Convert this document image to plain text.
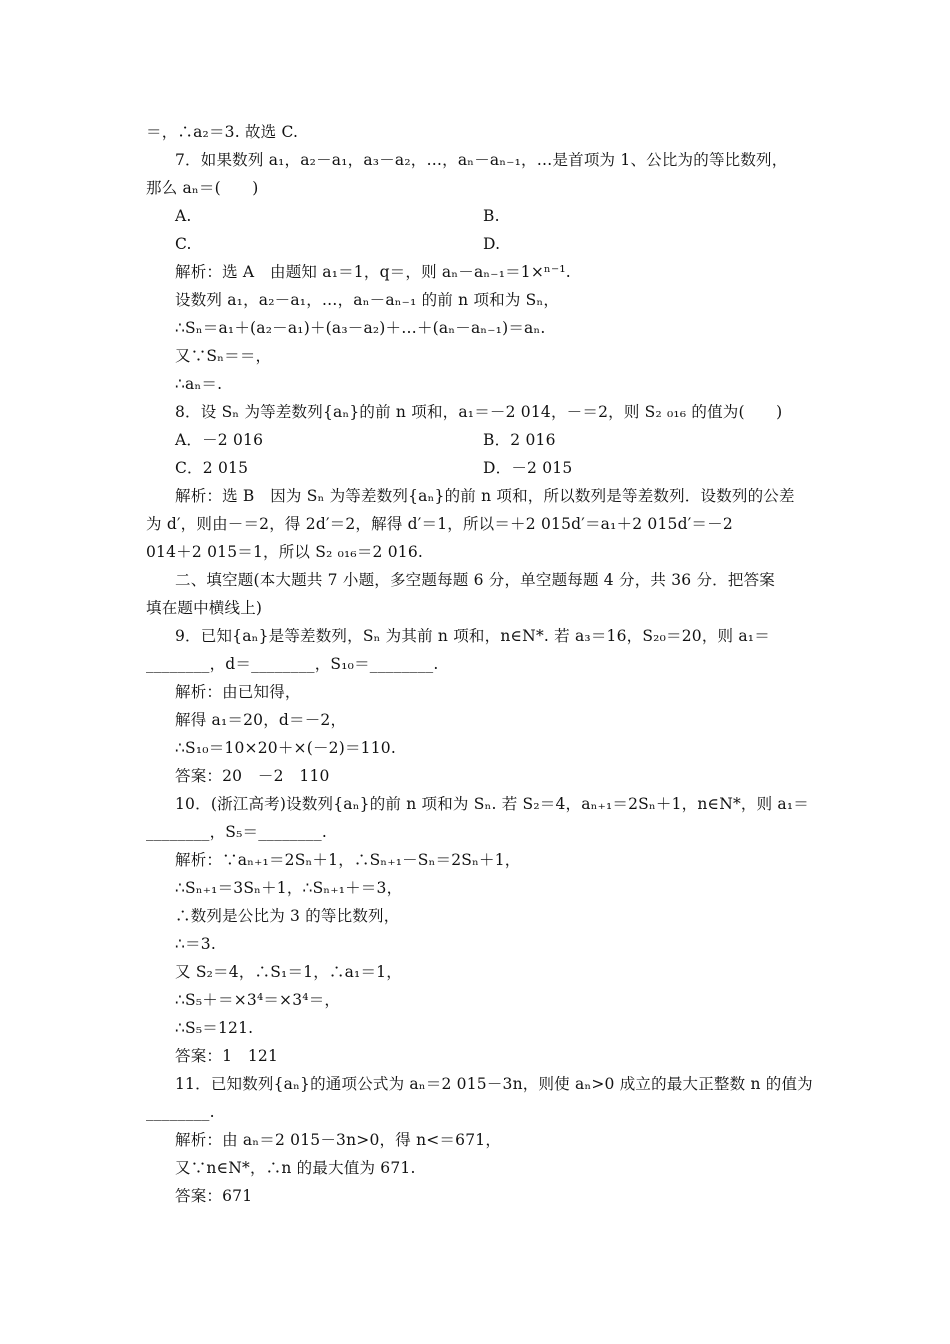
＝，∴a₂＝3. 故选 C.
7．如果数列 a₁，a₂－a₁，a₃－a₂，…，aₙ－aₙ₋₁，…是首项为 1、公比为的等比数列，
那么 aₙ＝(　　)
A.	B.
C.	D.
解析：选 A　由题知 a₁＝1，q＝，则 aₙ－aₙ₋₁＝1×ⁿ⁻¹.
设数列 a₁，a₂－a₁，…，aₙ－aₙ₋₁ 的前 n 项和为 Sₙ，
∴Sₙ＝a₁＋(a₂－a₁)＋(a₃－a₂)＋…＋(aₙ－aₙ₋₁)＝aₙ.
又∵Sₙ＝＝，
∴aₙ＝.
8．设 Sₙ 为等差数列{aₙ}的前 n 项和，a₁＝－2 014，－＝2，则 S₂ ₀₁₆ 的值为(　　)
A．－2 016	B．2 016
C．2 015	D．－2 015
解析：选 B　因为 Sₙ 为等差数列{aₙ}的前 n 项和，所以数列是等差数列．设数列的公差
为 d′，则由－＝2，得 2d′＝2，解得 d′＝1，所以＝＋2 015d′＝a₁＋2 015d′＝－2
014＋2 015＝1，所以 S₂ ₀₁₆＝2 016.
二、填空题(本大题共 7 小题，多空题每题 6 分，单空题每题 4 分，共 36 分．把答案
填在题中横线上)
9．已知{aₙ}是等差数列，Sₙ 为其前 n 项和，n∈N*. 若 a₃＝16，S₂₀＝20，则 a₁＝
________，d＝________，S₁₀＝________.
解析：由已知得，
解得 a₁＝20，d＝－2，
∴S₁₀＝10×20＋×(－2)＝110.
答案：20　－2　110
10．(浙江高考)设数列{aₙ}的前 n 项和为 Sₙ. 若 S₂＝4，aₙ₊₁＝2Sₙ＋1，n∈N*，则 a₁＝
________，S₅＝________.
解析：∵aₙ₊₁＝2Sₙ＋1，∴Sₙ₊₁－Sₙ＝2Sₙ＋1，
∴Sₙ₊₁＝3Sₙ＋1，∴Sₙ₊₁＋＝3，
∴数列是公比为 3 的等比数列，
∴＝3.
又 S₂＝4，∴S₁＝1，∴a₁＝1，
∴S₅＋＝×3⁴＝×3⁴＝，
∴S₅＝121.
答案：1　121
11．已知数列{aₙ}的通项公式为 aₙ＝2 015－3n，则使 aₙ>0 成立的最大正整数 n 的值为
________.
解析：由 aₙ＝2 015－3n>0，得 n<＝671，
又∵n∈N*，∴n 的最大值为 671.
答案：671
